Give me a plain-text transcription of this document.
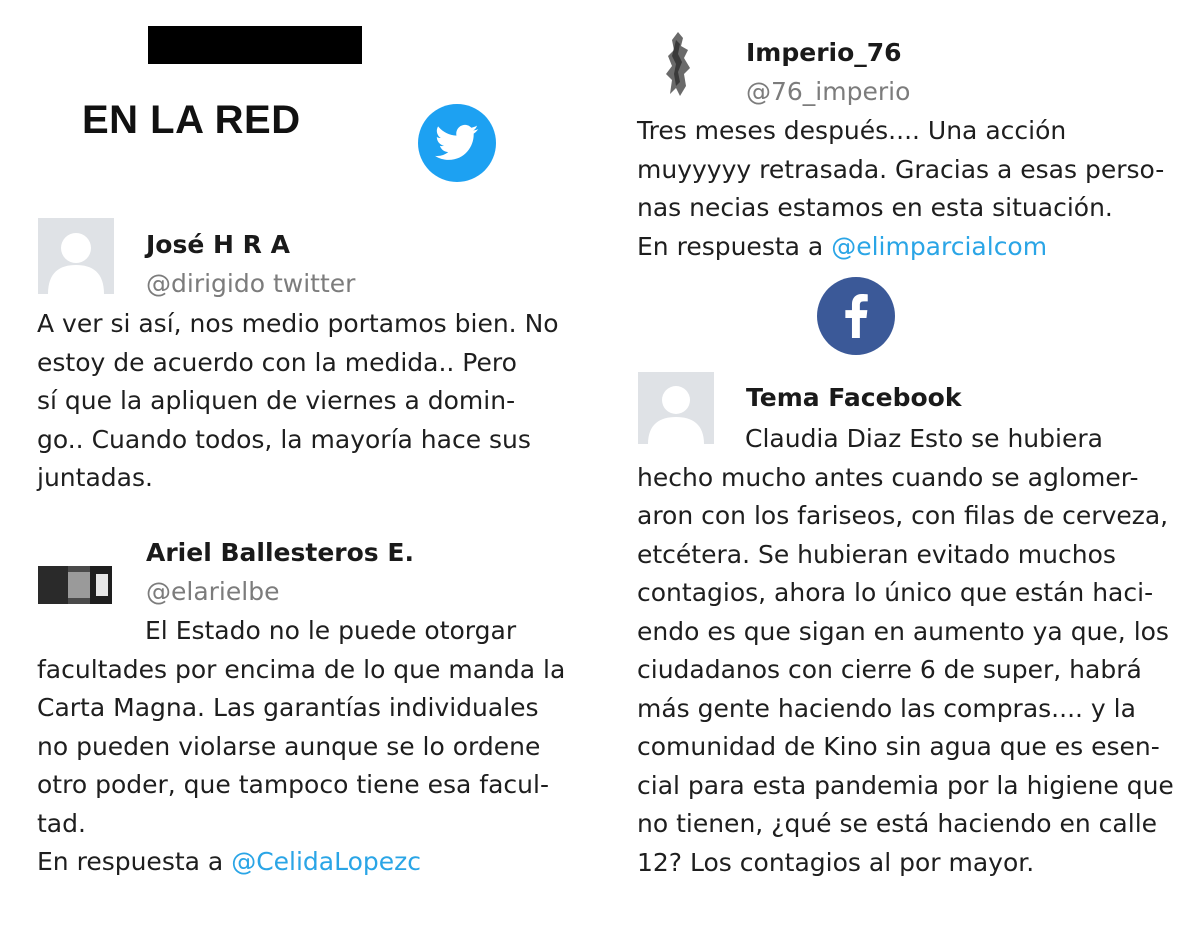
EN LA RED
José H R A
@dirigido twitter
A ver si así, nos medio portamos bien. No
estoy de acuerdo con la medida.. Pero
sí que la apliquen de viernes a domin-
go.. Cuando todos, la mayoría hace sus
juntadas.
Ariel Ballesteros E.
@elarielbe
El Estado no le puede otorgar
facultades por encima de lo que manda la
Carta Magna. Las garantías individuales
no pueden violarse aunque se lo ordene
otro poder, que tampoco tiene esa facul-
tad.
En respuesta a @CelidaLopezc
Imperio_76
@76_imperio
Tres meses después.... Una acción
muyyyyy retrasada. Gracias a esas perso-
nas necias estamos en esta situación.
En respuesta a @elimparcialcom
Tema Facebook
Claudia Diaz Esto se hubiera
hecho mucho antes cuando se aglomer-
aron con los fariseos, con filas de cerveza,
etcétera. Se hubieran evitado muchos
contagios, ahora lo único que están haci-
endo es que sigan en aumento ya que, los
ciudadanos con cierre 6 de super, habrá
más gente haciendo las compras.... y la
comunidad de Kino sin agua que es esen-
cial para esta pandemia por la higiene que
no tienen, ¿qué se está haciendo en calle
12? Los contagios al por mayor.
